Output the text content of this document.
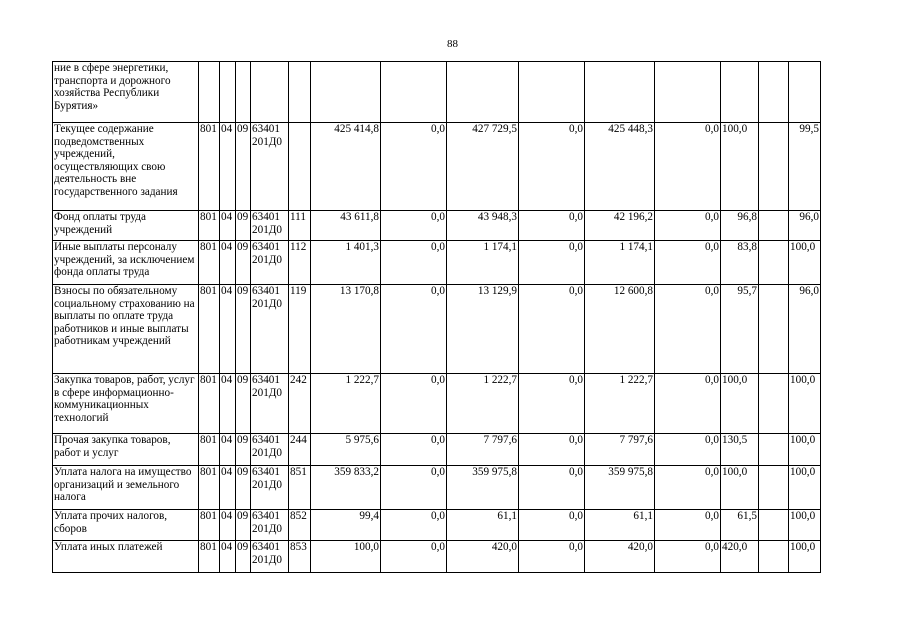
88
ние в сфере энергетики, транспорта и дорожного хозяйства Республики Бурятия»														
Текущее содержание подведомственных учреждений, осуществляющих свою деятельность вне государственного задания	801	04	09	63401 201Д0		425 414,8	0,0	427 729,5	0,0	425 448,3	0,0	100,0		99,5
Фонд оплаты труда учреждений	801	04	09	63401 201Д0	111	43 611,8	0,0	43 948,3	0,0	42 196,2	0,0	96,8		96,0
Иные выплаты персоналу учреждений, за исключением фонда оплаты труда	801	04	09	63401 201Д0	112	1 401,3	0,0	1 174,1	0,0	1 174,1	0,0	83,8		100,0
Взносы по обязательному социальному страхованию на выплаты по оплате труда работников и иные выплаты работникам учреждений	801	04	09	63401 201Д0	119	13 170,8	0,0	13 129,9	0,0	12 600,8	0,0	95,7		96,0
Закупка товаров, работ, услуг в сфере информационно-коммуникационных технологий	801	04	09	63401 201Д0	242	1 222,7	0,0	1 222,7	0,0	1 222,7	0,0	100,0		100,0
Прочая закупка товаров, работ и услуг	801	04	09	63401 201Д0	244	5 975,6	0,0	7 797,6	0,0	7 797,6	0,0	130,5		100,0
Уплата налога на имущество организаций и земельного налога	801	04	09	63401 201Д0	851	359 833,2	0,0	359 975,8	0,0	359 975,8	0,0	100,0		100,0
Уплата прочих налогов, сборов	801	04	09	63401 201Д0	852	99,4	0,0	61,1	0,0	61,1	0,0	61,5		100,0
Уплата иных платежей	801	04	09	63401 201Д0	853	100,0	0,0	420,0	0,0	420,0	0,0	420,0		100,0
